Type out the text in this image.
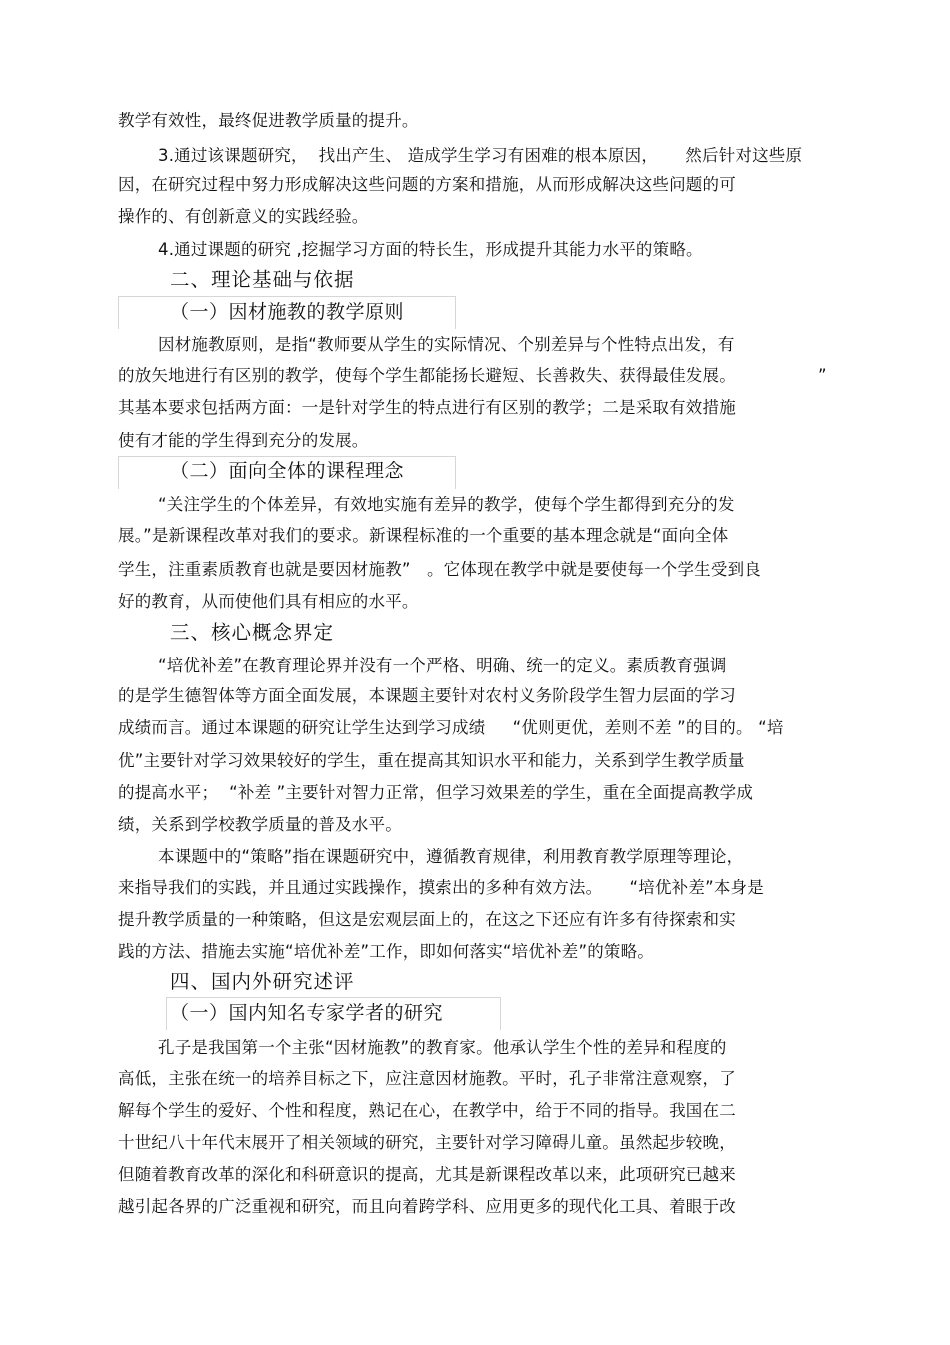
教学有效性，最终促进教学质量的提升。
3.通过该课题研究，  找出产生、 造成学生学习有困难的根本原因，     然后针对这些原
因，在研究过程中努力形成解决这些问题的方案和措施，从而形成解决这些问题的可
操作的、有创新意义的实践经验。
4.通过课题的研究 ,挖掘学习方面的特长生，形成提升其能力水平的策略。
二、理论基础与依据
（一）因材施教的教学原则
因材施教原则，是指“教师要从学生的实际情况、个别差异与个性特点出发，有
的放矢地进行有区别的教学，使每个学生都能扬长避短、长善救失、获得最佳发展。	”
其基本要求包括两方面：一是针对学生的特点进行有区别的教学；二是采取有效措施
使有才能的学生得到充分的发展。
（二）面向全体的课程理念
“关注学生的个体差异，有效地实施有差异的教学，使每个学生都得到充分的发
展。”是新课程改革对我们的要求。新课程标准的一个重要的基本理念就是“面向全体
学生，注重素质教育也就是要因材施教”   。它体现在教学中就是要使每一个学生受到良
好的教育，从而使他们具有相应的水平。
三、核心概念界定
“培优补差”在教育理论界并没有一个严格、明确、统一的定义。素质教育强调
的是学生德智体等方面全面发展，本课题主要针对农村义务阶段学生智力层面的学习
成绩而言。通过本课题的研究让学生达到学习成绩     “优则更优，差则不差 ”的目的。 “培
优”主要针对学习效果较好的学生，重在提高其知识水平和能力，关系到学生教学质量
的提高水平；  “补差 ”主要针对智力正常，但学习效果差的学生，重在全面提高教学成
绩，关系到学校教学质量的普及水平。
本课题中的“策略”指在课题研究中，遵循教育规律，利用教育教学原理等理论，
来指导我们的实践，并且通过实践操作，摸索出的多种有效方法。     “培优补差”本身是
提升教学质量的一种策略，但这是宏观层面上的，在这之下还应有许多有待探索和实
践的方法、措施去实施“培优补差”工作，即如何落实“培优补差”的策略。
四、国内外研究述评
（一）国内知名专家学者的研究
孔子是我国第一个主张“因材施教”的教育家。他承认学生个性的差异和程度的
高低，主张在统一的培养目标之下，应注意因材施教。平时，孔子非常注意观察，了
解每个学生的爱好、个性和程度，熟记在心，在教学中，给于不同的指导。我国在二
十世纪八十年代末展开了相关领域的研究，主要针对学习障碍儿童。虽然起步较晚，
但随着教育改革的深化和科研意识的提高，尤其是新课程改革以来，此项研究已越来
越引起各界的广泛重视和研究，而且向着跨学科、应用更多的现代化工具、着眼于改
